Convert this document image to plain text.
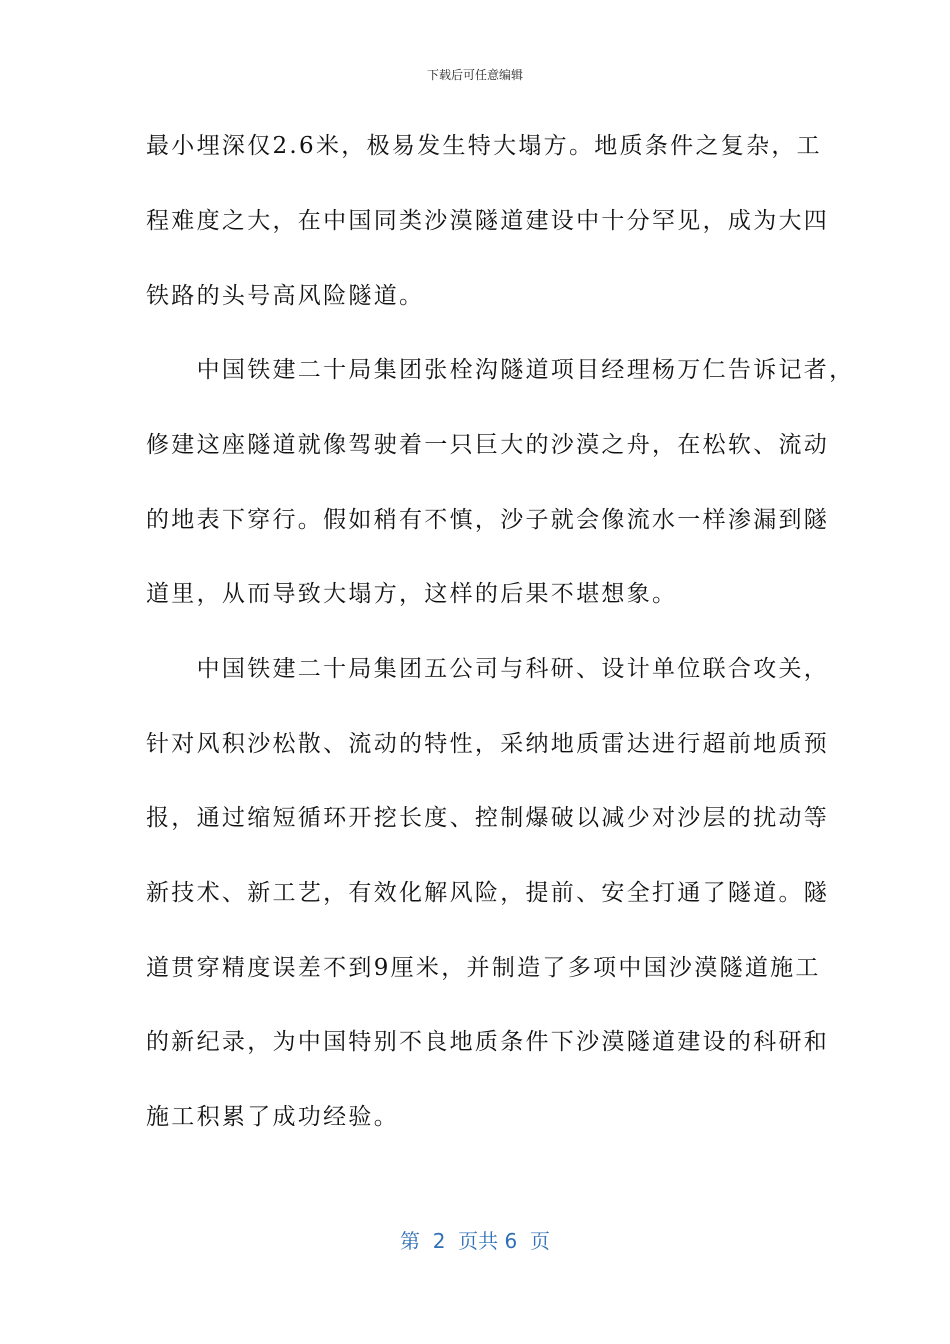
下载后可任意编辑
最小埋深仅2.6米，极易发生特大塌方。地质条件之复杂，工
程难度之大，在中国同类沙漠隧道建设中十分罕见，成为大四
铁路的头号高风险隧道。
　　中国铁建二十局集团张栓沟隧道项目经理杨万仁告诉记者，
修建这座隧道就像驾驶着一只巨大的沙漠之舟，在松软、流动
的地表下穿行。假如稍有不慎，沙子就会像流水一样渗漏到隧
道里，从而导致大塌方，这样的后果不堪想象。
　　中国铁建二十局集团五公司与科研、设计单位联合攻关，
针对风积沙松散、流动的特性，采纳地质雷达进行超前地质预
报，通过缩短循环开挖长度、控制爆破以减少对沙层的扰动等
新技术、新工艺，有效化解风险，提前、安全打通了隧道。隧
道贯穿精度误差不到9厘米，并制造了多项中国沙漠隧道施工
的新纪录，为中国特别不良地质条件下沙漠隧道建设的科研和
施工积累了成功经验。
第  2  页共 6  页
